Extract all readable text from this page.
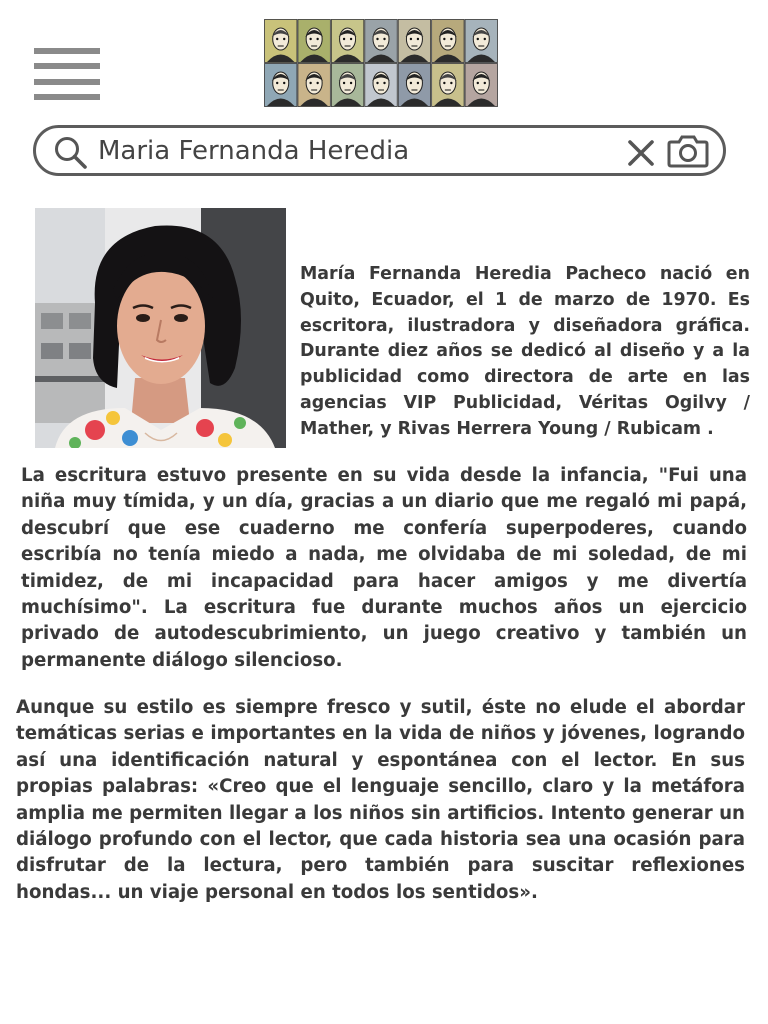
Maria Fernanda Heredia

María Fernanda Heredia Pacheco nació en Quito, Ecuador, el 1 de marzo de 1970. Es escritora, ilustradora y diseñadora gráfica. Durante diez años se dedicó al diseño y a la publicidad como directora de arte en las agencias VIP Publicidad, Véritas Ogilvy / Mather, y Rivas Herrera Young / Rubicam .

La escritura estuvo presente en su vida desde la infancia, "Fui una niña muy tímida, y un día, gracias a un diario que me regaló mi papá, descubrí que ese cuaderno me confería superpoderes, cuando escribía no tenía miedo a nada, me olvidaba de mi soledad, de mi timidez, de mi incapacidad para hacer amigos y me divertía muchísimo". La escritura fue durante muchos años un ejercicio privado de autodescubrimiento, un juego creativo y también un permanente diálogo silencioso.

Aunque su estilo es siempre fresco y sutil, éste no elude el abordar temáticas serias e importantes en la vida de niños y jóvenes, logrando así una identificación natural y espontánea con el lector. En sus propias palabras: «Creo que el lenguaje sencillo, claro y la metáfora amplia me permiten llegar a los niños sin artificios. Intento generar un diálogo profundo con el lector, que cada historia sea una ocasión para disfrutar de la lectura, pero también para suscitar reflexiones hondas... un viaje personal en todos los sentidos».
